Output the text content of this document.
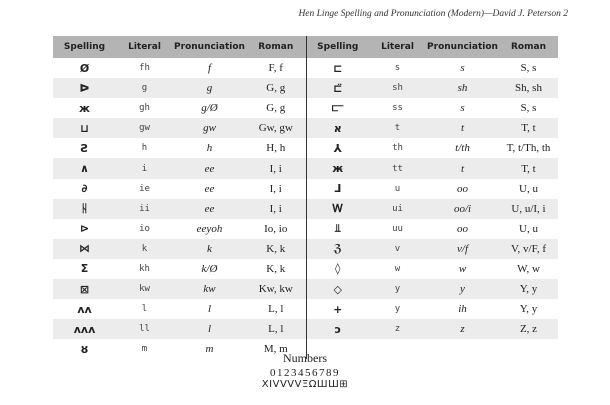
Hen Linge Spelling and Pronunciation (Modern)—David J. Peterson 2
Spelling	Literal	Pronunciation	Roman	Spelling	Literal	Pronunciation	Roman
Ø	fh	f	F, f	⊏	s	s	S, s
ᐅ	g	g	G, g	⊏̈	sh	sh	Sh, sh
ж	gh	g/Ø	G, g	⫍	ss	s	S, s
⊔	gw	gw	Gw, gw	א	t	t	T, t
Ƨ	h	h	H, h	⅄	th	t/th	T, t/Th, th
∧	i	ee	I, i	ж̶	tt	t	T, t
∂	ie	ee	I, i	⅃	u	oo	U, u
ᚺ	ii	ee	I, i	Ꮃ	ui	oo/i	U, u/I, i
⊳	io	eeyoh	Io, io	⫫	uu	oo	U, u
⋈	k	k	K, k	ℨ	v	v/f	V, v/F, f
Σ	kh	k/Ø	K, k	◊	w	w	W, w
⊠	kw	kw	Kw, kw	◇	y	y	Y, y
ʌʌ	l	l	L, l	+	y	ih	Y, y
ʌʌʌ	ll	l	L, l	ↄ	z	z	Z, z
ȣ	m	m	M, m				
Numbers
0123456789
XIVVVVΞΩШШ⊞
